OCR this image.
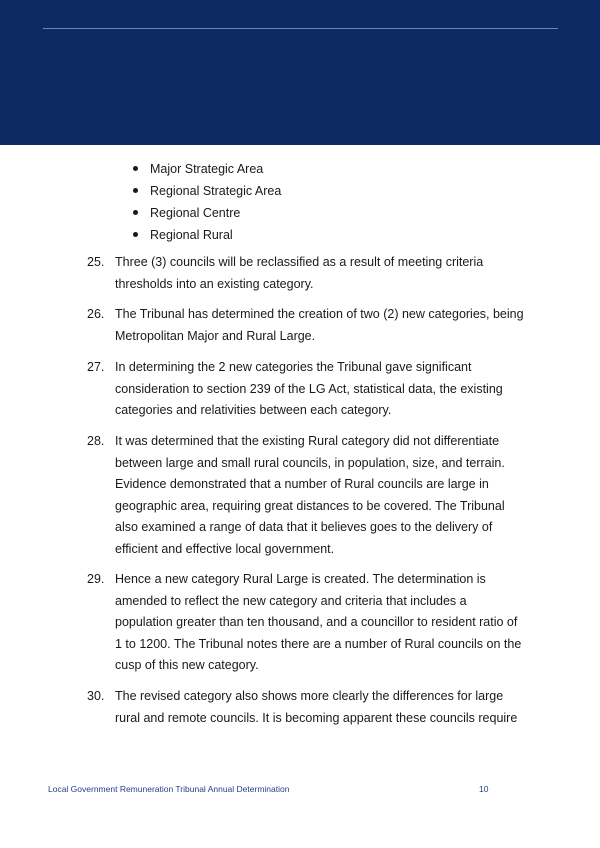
Major Strategic Area
Regional Strategic Area
Regional Centre
Regional Rural
25. Three (3) councils will be reclassified as a result of meeting criteria thresholds into an existing category.

26. The Tribunal has determined the creation of two (2) new categories, being Metropolitan Major and Rural Large.

27. In determining the 2 new categories the Tribunal gave significant consideration to section 239 of the LG Act, statistical data, the existing categories and relativities between each category.

28. It was determined that the existing Rural category did not differentiate between large and small rural councils, in population, size, and terrain. Evidence demonstrated that a number of Rural councils are large in geographic area, requiring great distances to be covered. The Tribunal also examined a range of data that it believes goes to the delivery of efficient and effective local government.

29. Hence a new category Rural Large is created. The determination is amended to reflect the new category and criteria that includes a population greater than ten thousand, and a councillor to resident ratio of 1 to 1200. The Tribunal notes there are a number of Rural councils on the cusp of this new category.

30. The revised category also shows more clearly the differences for large rural and remote councils. It is becoming apparent these councils require

Local Government Remuneration Tribunal Annual Determination	10
